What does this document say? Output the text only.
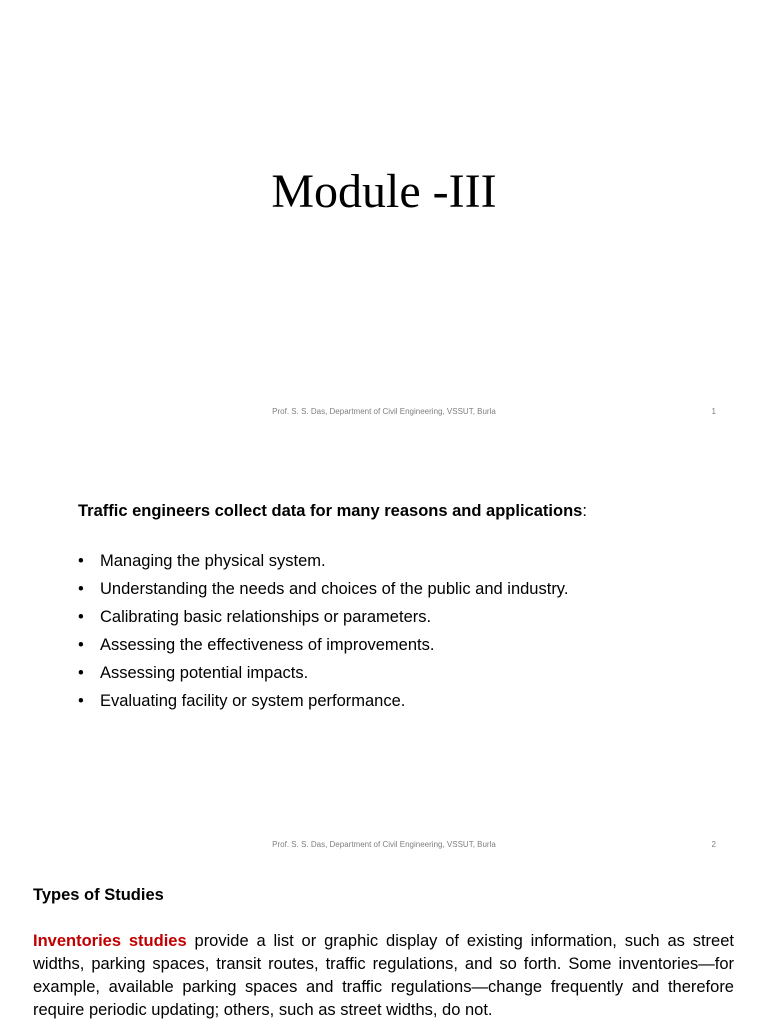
Module -III
Prof. S. S. Das, Department of Civil Engineering, VSSUT, Burla	1
Traffic engineers collect data for many reasons and applications:
• Managing the physical system.
• Understanding the needs and choices of the public and industry.
• Calibrating basic relationships or parameters.
• Assessing the effectiveness of improvements.
• Assessing potential impacts.
• Evaluating facility or system performance.
Prof. S. S. Das, Department of Civil Engineering, VSSUT, Burla	2
Types of Studies
Inventories studies provide a list or graphic display of existing information, such as street widths, parking spaces, transit routes, traffic regulations, and so forth. Some inventories—for example, available parking spaces and traffic regulations—change frequently and therefore require periodic updating; others, such as street widths, do not.
